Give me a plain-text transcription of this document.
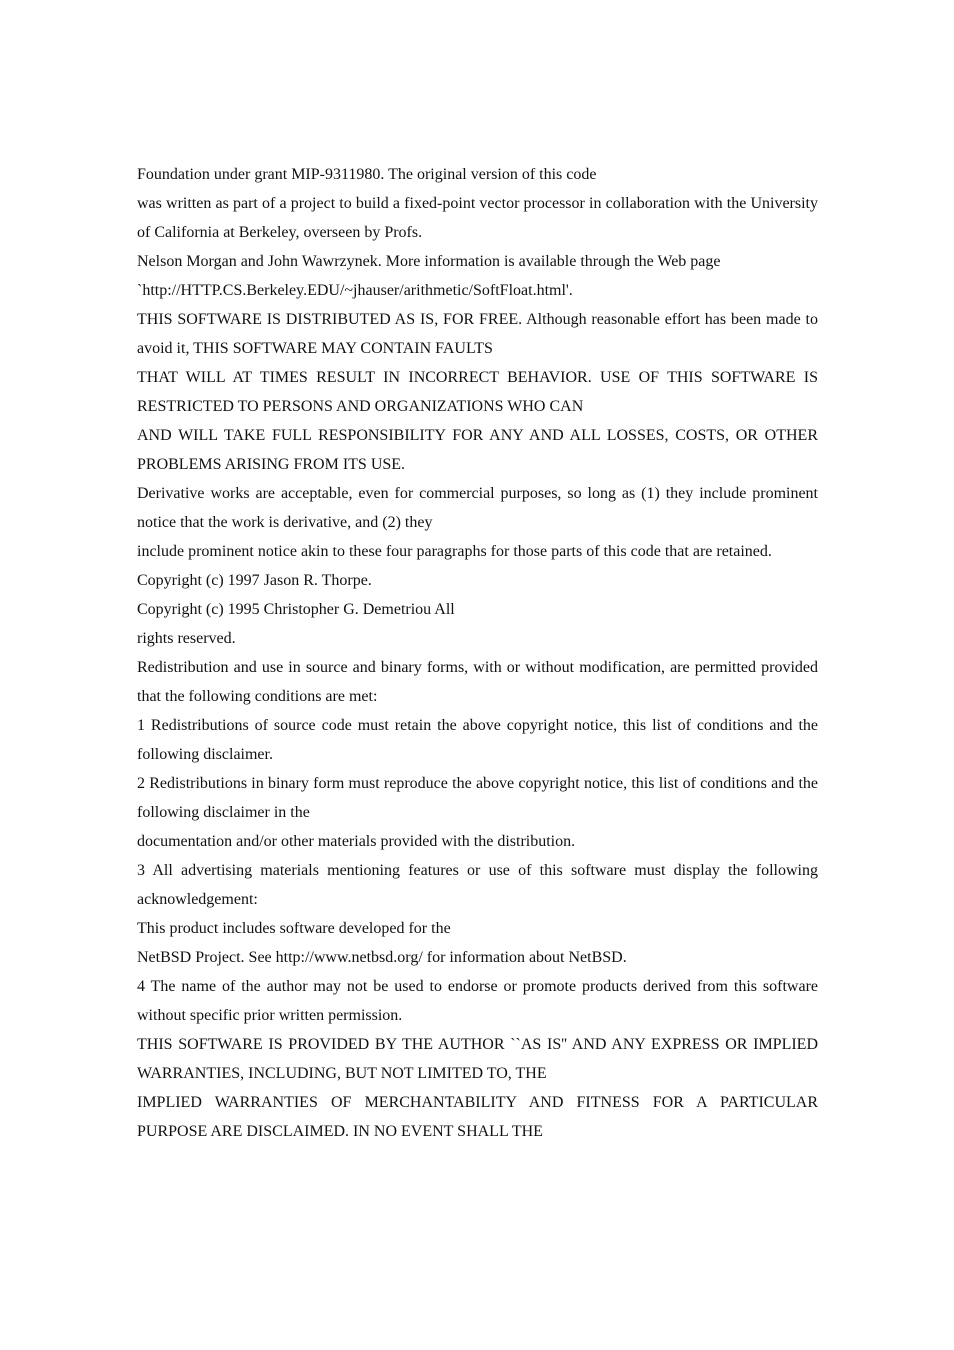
Foundation under grant MIP-9311980. The original version of this code

was written as part of a project to build a fixed-point vector processor in collaboration with the University of California at Berkeley, overseen by Profs.

Nelson Morgan and John Wawrzynek. More information is available through the Web page

`http://HTTP.CS.Berkeley.EDU/~jhauser/arithmetic/SoftFloat.html'.

THIS SOFTWARE IS DISTRIBUTED AS IS, FOR FREE. Although reasonable effort has been made to avoid it, THIS SOFTWARE MAY CONTAIN FAULTS

THAT WILL AT TIMES RESULT IN INCORRECT BEHAVIOR. USE OF THIS SOFTWARE IS RESTRICTED TO PERSONS AND ORGANIZATIONS WHO CAN

AND WILL TAKE FULL RESPONSIBILITY FOR ANY AND ALL LOSSES, COSTS, OR OTHER PROBLEMS ARISING FROM ITS USE.

Derivative works are acceptable, even for commercial purposes, so long as (1) they include prominent notice that the work is derivative, and (2) they

include prominent notice akin to these four paragraphs for those parts of this code that are retained.

Copyright (c) 1997 Jason R. Thorpe.

Copyright (c) 1995 Christopher G. Demetriou All

rights reserved.

Redistribution and use in source and binary forms, with or without modification, are permitted provided that the following conditions are met:

1 Redistributions of source code must retain the above copyright notice, this list of conditions and the following disclaimer.

2 Redistributions in binary form must reproduce the above copyright notice, this list of conditions and the following disclaimer in the

documentation and/or other materials provided with the distribution.

3 All advertising materials mentioning features or use of this software must display the following acknowledgement:

This product includes software developed for the

NetBSD Project. See http://www.netbsd.org/ for information about NetBSD.

4 The name of the author may not be used to endorse or promote products derived from this software without specific prior written permission.

THIS SOFTWARE IS PROVIDED BY THE AUTHOR ``AS IS'' AND ANY EXPRESS OR IMPLIED WARRANTIES, INCLUDING, BUT NOT LIMITED TO, THE

IMPLIED WARRANTIES OF MERCHANTABILITY AND FITNESS FOR A PARTICULAR PURPOSE ARE DISCLAIMED. IN NO EVENT SHALL THE
